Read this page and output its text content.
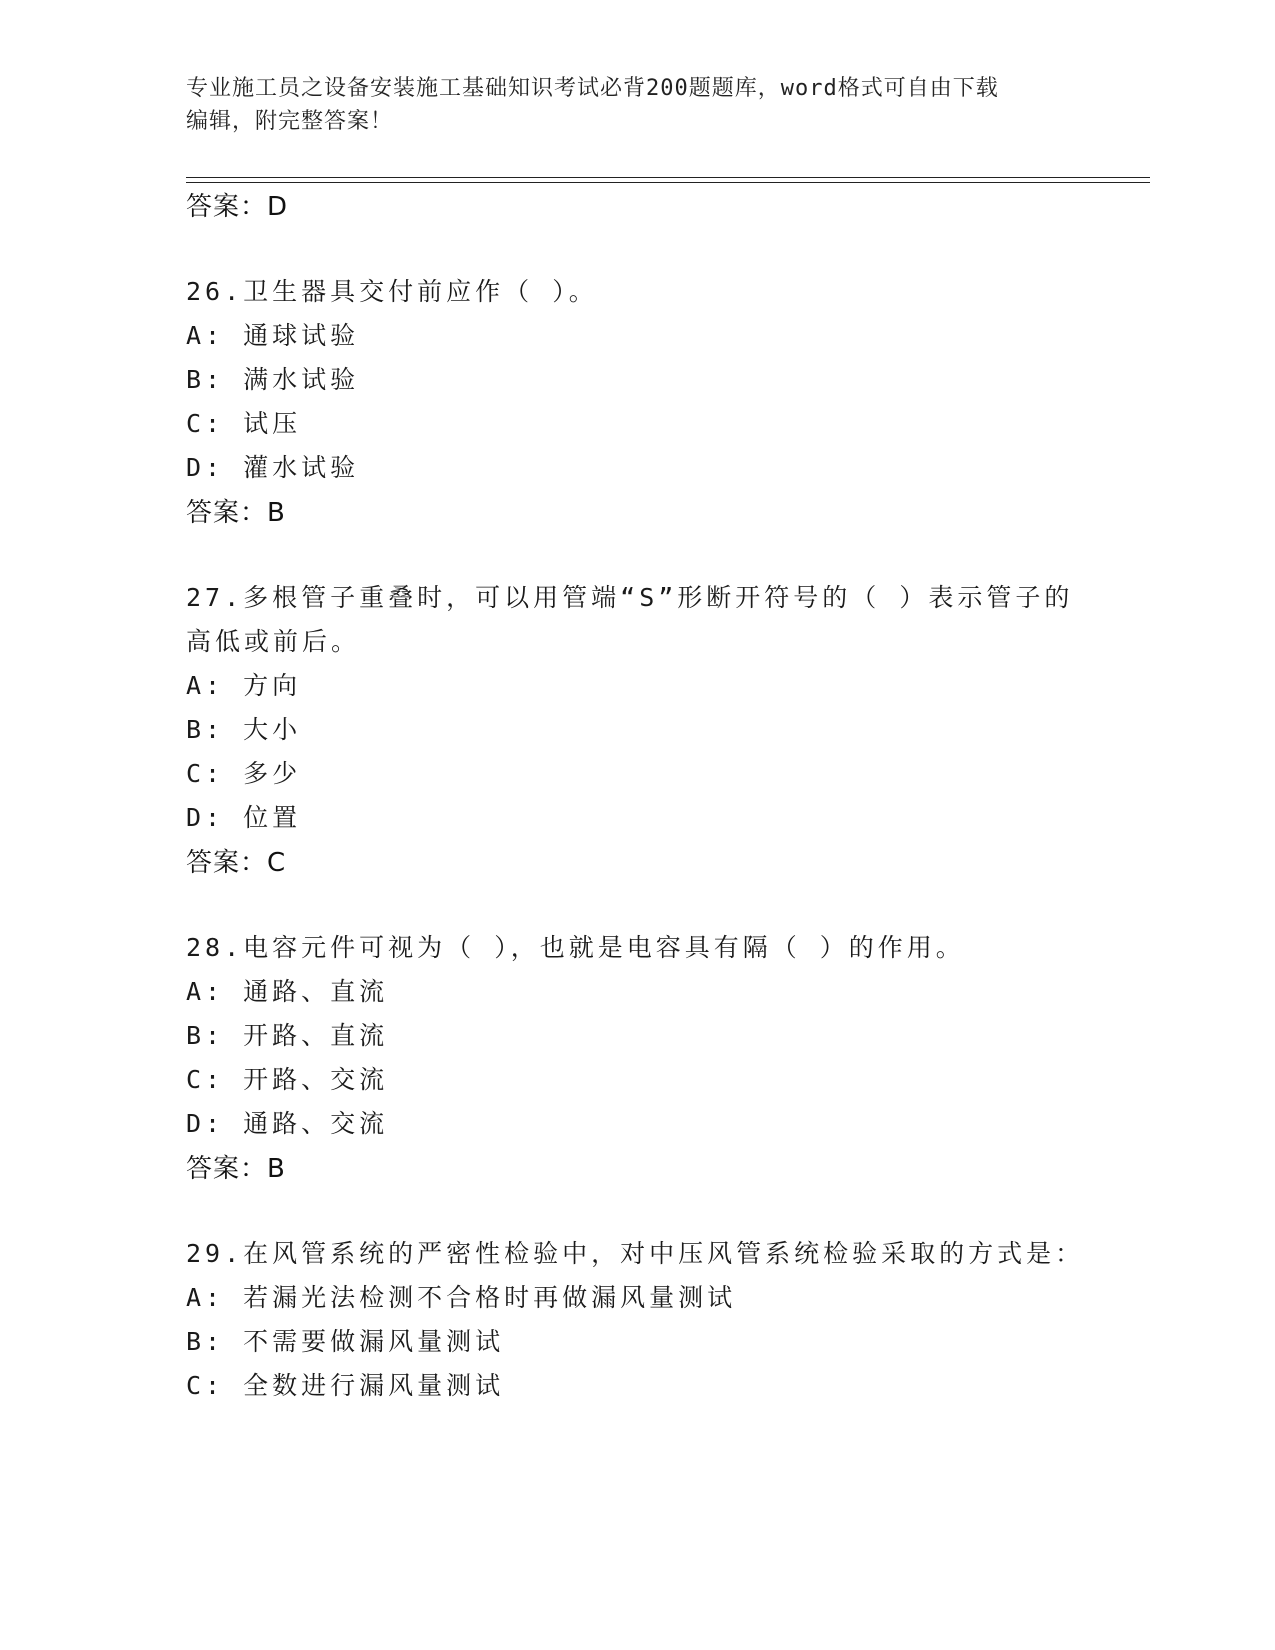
专业施工员之设备安装施工基础知识考试必背200题题库，word格式可自由下载
编辑，附完整答案！
答案：D
26.卫生器具交付前应作（ ）。
A: 通球试验
B: 满水试验
C: 试压
D: 灌水试验
答案：B
27.多根管子重叠时，可以用管端“S”形断开符号的（ ）表示管子的
高低或前后。
A: 方向
B: 大小
C: 多少
D: 位置
答案：C
28.电容元件可视为（ ），也就是电容具有隔（ ）的作用。
A: 通路、直流
B: 开路、直流
C: 开路、交流
D: 通路、交流
答案：B
29.在风管系统的严密性检验中，对中压风管系统检验采取的方式是：
A: 若漏光法检测不合格时再做漏风量测试
B: 不需要做漏风量测试
C: 全数进行漏风量测试
